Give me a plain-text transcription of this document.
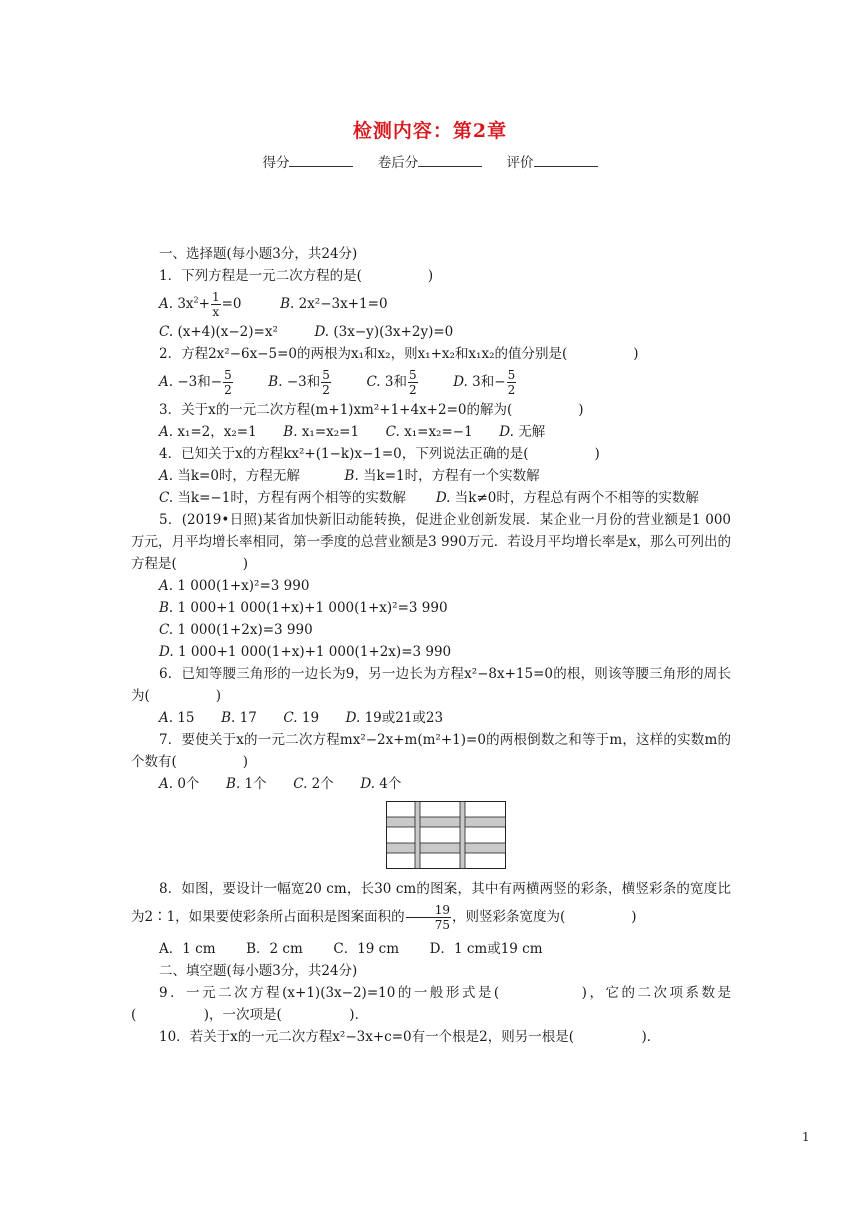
检测内容：第2章
得分	卷后分	评价
一、选择题(每小题3分，共24分)
1．下列方程是一元二次方程的是(	)
A. $3x^2+ \frac{1}{x} =0$	B. 2x²−3x+1=0
C. (x+4)(x−2)=x²	D. (3x−y)(3x+2y)=0
2．方程2x²−6x−5=0的两根为x₁和x₂，则x₁+x₂和x₁x₂的值分别是(	)
A. −3和− $\frac{5}{2}$	B. −3和 $\frac{5}{2}$	C. 3和 $\frac{5}{2}$	D. 3和− $\frac{5}{2}$
3．关于x的一元二次方程(m+1)xm²+1+4x+2=0的解为(	)
A. x₁=2，x₂=1 B. x₁=x₂=1 C. x₁=x₂=−1 D. 无解
4．已知关于x的方程kx²+(1−k)x−1=0，下列说法正确的是(	)
A. 当k=0时，方程无解	B. 当k=1时，方程有一个实数解
C. 当k=−1时，方程有两个相等的实数解 D. 当k≠0时，方程总有两个不相等的实数解
5．(2019•日照)某省加快新旧动能转换，促进企业创新发展．某企业一月份的营业额是1 000万元，月平均增长率相同，第一季度的总营业额是3 990万元．若设月平均增长率是x，那么可列出的方程是(	)
A. 1 000(1+x)²=3 990
B. 1 000+1 000(1+x)+1 000(1+x)²=3 990
C. 1 000(1+2x)=3 990
D. 1 000+1 000(1+x)+1 000(1+2x)=3 990
6．已知等腰三角形的一边长为9，另一边长为方程x²−8x+15=0的根，则该等腰三角形的周长为(	)
A. 15 B. 17 C. 19 D. 19或21或23
7．要使关于x的一元二次方程mx²−2x+m(m²+1)=0的两根倒数之和等于m，这样的实数m的个数有(	)
A. 0个 B. 1个 C. 2个 D. 4个
8．如图，要设计一幅宽20 cm，长30 cm的图案，其中有两横两竖的彩条，横竖彩条的宽度比为2∶1，如果要使彩条所占面积是图案面积的 $\frac{19}{75}$ ，则竖彩条宽度为(	)
A．1 cm B．2 cm C．19 cm D．1 cm或19 cm
二、填空题(每小题3分，共24分)
9．一元二次方程(x+1)(3x−2)=10的一般形式是(　　　　　)，它的二次项系数是(　　　　　)，一次项是(　　　　　)．
10．若关于x的一元二次方程x²−3x+c=0有一个根是2，则另一根是(　　　　　)．
1
